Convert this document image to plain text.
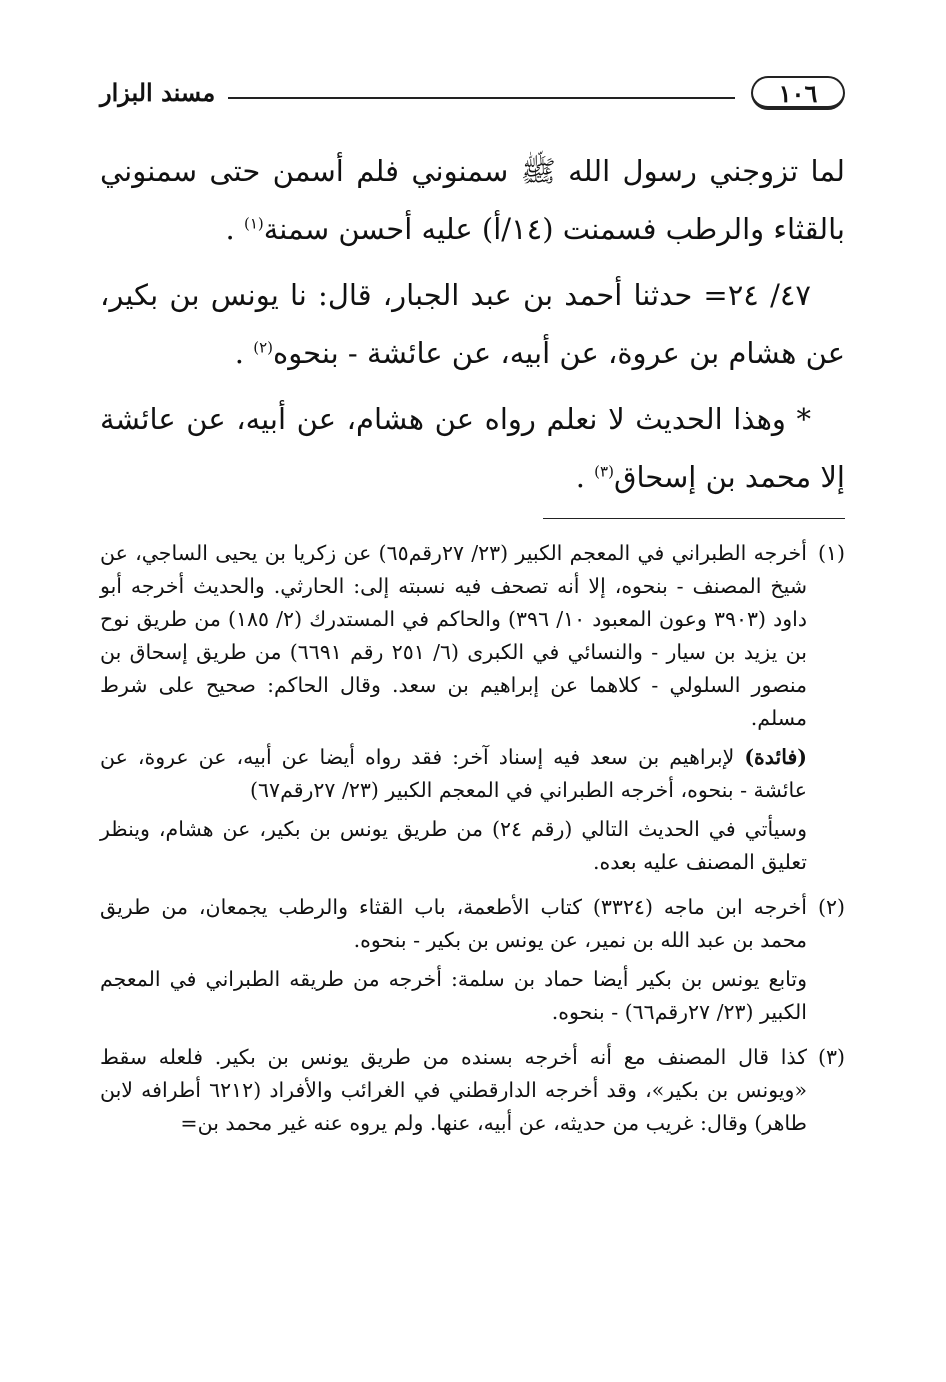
١٠٦
مسند البزار

لما تزوجني رسول الله ﷺ سمنوني فلم أسمن حتى سمنوني بالقثاء والرطب فسمنت (١٤/أ) عليه أحسن سمنة$^{(١)}$ .

٤٧/ ٢٤= حدثنا أحمد بن عبد الجبار، قال: نا يونس بن بكير، عن هشام بن عروة، عن أبيه، عن عائشة - بنحوه$^{(٢)}$ .

* وهذا الحديث لا نعلم رواه عن هشام، عن أبيه، عن عائشة إلا محمد بن إسحاق$^{(٣)}$ .

(١)
أخرجه الطبراني في المعجم الكبير (٢٣/ ٢٧رقم٦٥) عن زكريا بن يحيى الساجي، عن شيخ المصنف - بنحوه، إلا أنه تصحف فيه نسبته إلى: الحارثي. والحديث أخرجه أبو داود (٣٩٠٣ وعون المعبود ١٠/ ٣٩٦) والحاكم في المستدرك (٢/ ١٨٥) من طريق نوح بن يزيد بن سيار - والنسائي في الكبرى (٦/ ٢٥١ رقم ٦٦٩١) من طريق إسحاق بن منصور السلولي - كلاهما عن إبراهيم بن سعد. وقال الحاكم: صحيح على شرط مسلم.

(فائدة) لإبراهيم بن سعد فيه إسناد آخر: فقد رواه أيضا عن أبيه، عن عروة، عن عائشة - بنحوه، أخرجه الطبراني في المعجم الكبير (٢٣/ ٢٧رقم٦٧)

وسيأتي في الحديث التالي (رقم ٢٤) من طريق يونس بن بكير، عن هشام، وينظر تعليق المصنف عليه بعده.

(٢)
أخرجه ابن ماجه (٣٣٢٤) كتاب الأطعمة، باب القثاء والرطب يجمعان، من طريق محمد بن عبد الله بن نمير، عن يونس بن بكير - بنحوه.

وتابع يونس بن بكير أيضا حماد بن سلمة: أخرجه من طريقه الطبراني في المعجم الكبير (٢٣/ ٢٧رقم٦٦) - بنحوه.

(٣)
كذا قال المصنف مع أنه أخرجه بسنده من طريق يونس بن بكير. فلعله سقط «ويونس بن بكير»، وقد أخرجه الدارقطني في الغرائب والأفراد (٦٢١٢ أطرافه لابن طاهر) وقال: غريب من حديثه، عن أبيه، عنها. ولم يروه عنه غير محمد بن=
